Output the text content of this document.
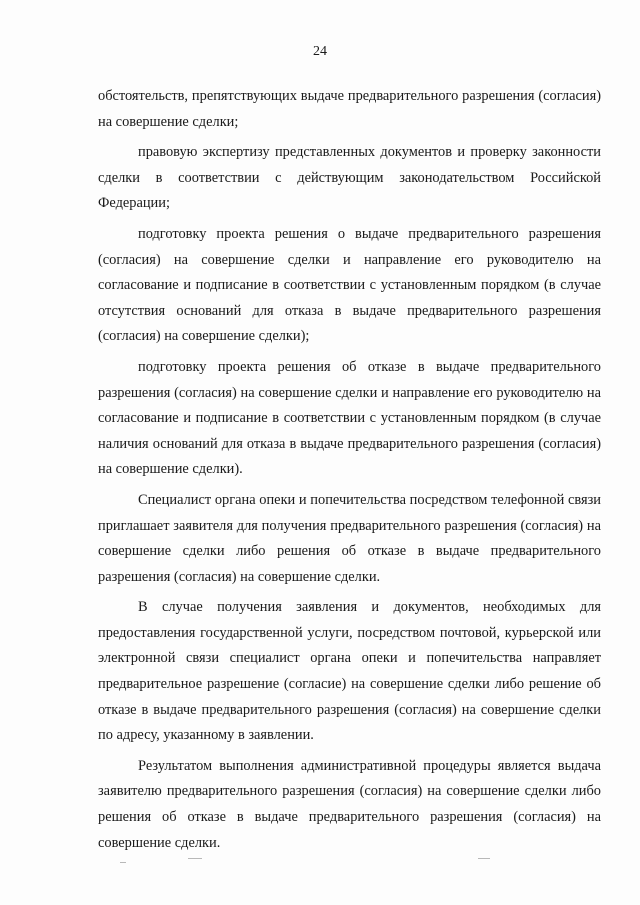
24

обстоятельств, препятствующих выдаче предварительного разрешения (согласия) на совершение сделки;

правовую экспертизу представленных документов и проверку законности сделки в соответствии с действующим законодательством Российской Федерации;

подготовку проекта решения о выдаче предварительного разрешения (согласия) на совершение сделки и направление его руководителю на согласование и подписание в соответствии с установленным порядком (в случае отсутствия оснований для отказа в выдаче предварительного разрешения (согласия) на совершение сделки);

подготовку проекта решения об отказе в выдаче предварительного разрешения (согласия) на совершение сделки и направление его руководителю на согласование и подписание в соответствии с установленным порядком (в случае наличия оснований для отказа в выдаче предварительного разрешения (согласия) на совершение сделки).

Специалист органа опеки и попечительства посредством телефонной связи приглашает заявителя для получения предварительного разрешения (согласия) на совершение сделки либо решения об отказе в выдаче предварительного разрешения (согласия) на совершение сделки.

В случае получения заявления и документов, необходимых для предоставления государственной услуги, посредством почтовой, курьерской или электронной связи специалист органа опеки и попечительства направляет предварительное разрешение (согласие) на совершение сделки либо решение об отказе в выдаче предварительного разрешения (согласия) на совершение сделки по адресу, указанному в заявлении.

Результатом выполнения административной процедуры является выдача заявителю предварительного разрешения (согласия) на совершение сделки либо решения об отказе в выдаче предварительного разрешения (согласия) на совершение сделки.
